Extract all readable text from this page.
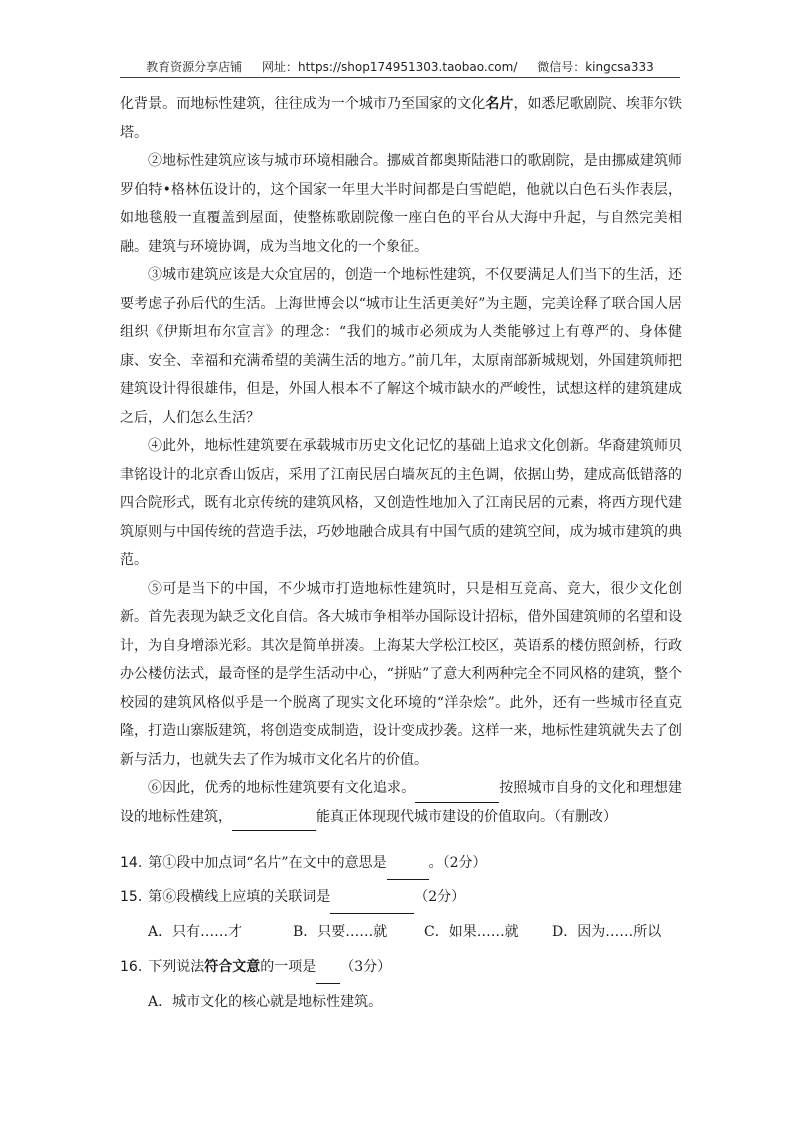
教育资源分享店铺 网址：https://shop174951303.taobao.com/ 微信号：kingcsa333

化背景。而地标性建筑，往往成为一个城市乃至国家的文化名片，如悉尼歌剧院、埃菲尔铁塔。

②地标性建筑应该与城市环境相融合。挪威首都奥斯陆港口的歌剧院，是由挪威建筑师罗伯特•格林伍设计的，这个国家一年里大半时间都是白雪皑皑，他就以白色石头作表层，如地毯般一直覆盖到屋面，使整栋歌剧院像一座白色的平台从大海中升起，与自然完美相融。建筑与环境协调，成为当地文化的一个象征。

③城市建筑应该是大众宜居的，创造一个地标性建筑，不仅要满足人们当下的生活，还要考虑子孙后代的生活。上海世博会以“城市让生活更美好”为主题，完美诠释了联合国人居组织《伊斯坦布尔宣言》的理念：“我们的城市必须成为人类能够过上有尊严的、身体健康、安全、幸福和充满希望的美满生活的地方。”前几年，太原南部新城规划，外国建筑师把建筑设计得很雄伟，但是，外国人根本不了解这个城市缺水的严峻性，试想这样的建筑建成之后，人们怎么生活？

④此外，地标性建筑要在承载城市历史文化记忆的基础上追求文化创新。华裔建筑师贝聿铭设计的北京香山饭店，采用了江南民居白墙灰瓦的主色调，依据山势，建成高低错落的四合院形式，既有北京传统的建筑风格，又创造性地加入了江南民居的元素，将西方现代建筑原则与中国传统的营造手法，巧妙地融合成具有中国气质的建筑空间，成为城市建筑的典范。

⑤可是当下的中国，不少城市打造地标性建筑时，只是相互竞高、竞大，很少文化创新。首先表现为缺乏文化自信。各大城市争相举办国际设计招标，借外国建筑师的名望和设计，为自身增添光彩。其次是简单拼凑。上海某大学松江校区，英语系的楼仿照剑桥，行政办公楼仿法式，最奇怪的是学生活动中心，“拼贴”了意大利两种完全不同风格的建筑，整个校园的建筑风格似乎是一个脱离了现实文化环境的“洋杂烩”。此外，还有一些城市径直克隆，打造山寨版建筑，将创造变成制造，设计变成抄袭。这样一来，地标性建筑就失去了创新与活力，也就失去了作为城市文化名片的价值。

⑥因此，优秀的地标性建筑要有文化追求。	按照城市自身的文化和理想建设的地标性建筑，	能真正体现现代城市建设的价值取向。（有删改）

14. 第①段中加点词“名片”在文中的意思是	。（2分）

15. 第⑥段横线上应填的关联词是	（2分）

A．只有……才	B．只要……就	C．如果……就	D．因为……所以

16. 下列说法符合文意的一项是 （3分）

A．城市文化的核心就是地标性建筑。
